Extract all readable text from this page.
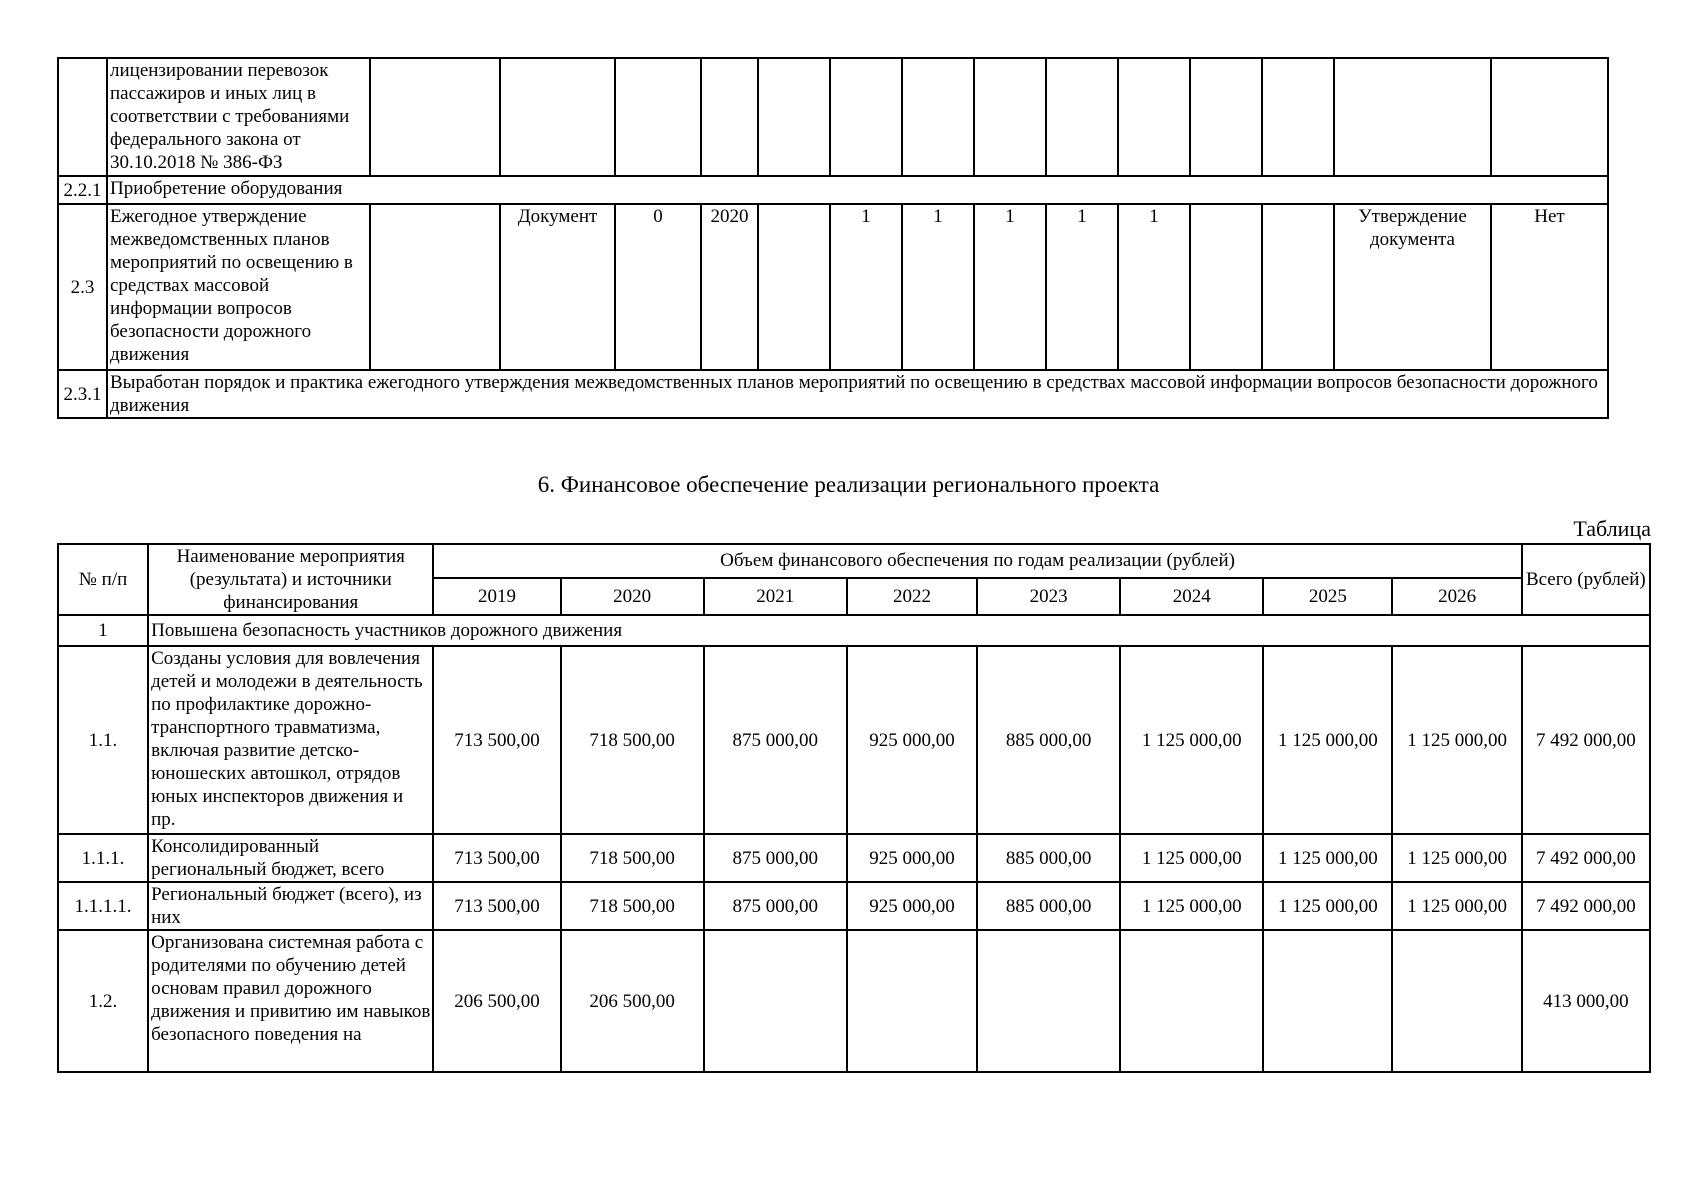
	лицензировании перевозок пассажиров и иных лиц в соответствии с требованиями федерального закона от 30.10.2018 № 386-ФЗ														
2.2.1	Приобретение оборудования														
2.3	Ежегодное утверждение межведомственных планов мероприятий по освещению в средствах массовой информации вопросов безопасности дорожного движения		Документ	0	2020		1	1	1	1	1			Утверждение документа	Нет
2.3.1	Выработан порядок и практика ежегодного утверждения межведомственных планов мероприятий по освещению в средствах массовой информации вопросов безопасности дорожного движения														
6. Финансовое обеспечение реализации регионального проекта
Таблица
№ п/п	Наименование мероприятия (результата) и источники финансирования	Объем финансового обеспечения по годам реализации (рублей)								Всего (рублей)
		2019	2020	2021	2022	2023	2024	2025	2026	
1	Повышена безопасность участников дорожного движения									
1.1.	Созданы условия для вовлечения детей и молодежи в деятельность по профилактике дорожно-транспортного травматизма, включая развитие детско-юношеских автошкол, отрядов юных инспекторов движения и пр.	713 500,00	718 500,00	875 000,00	925 000,00	885 000,00	1 125 000,00	1 125 000,00	1 125 000,00	7 492 000,00
1.1.1.	Консолидированный региональный бюджет, всего	713 500,00	718 500,00	875 000,00	925 000,00	885 000,00	1 125 000,00	1 125 000,00	1 125 000,00	7 492 000,00
1.1.1.1.	Региональный бюджет (всего), из них	713 500,00	718 500,00	875 000,00	925 000,00	885 000,00	1 125 000,00	1 125 000,00	1 125 000,00	7 492 000,00
1.2.	Организована системная работа с родителями по обучению детей основам правил дорожного движения и привитию им навыков безопасного поведения на	206 500,00	206 500,00							413 000,00
